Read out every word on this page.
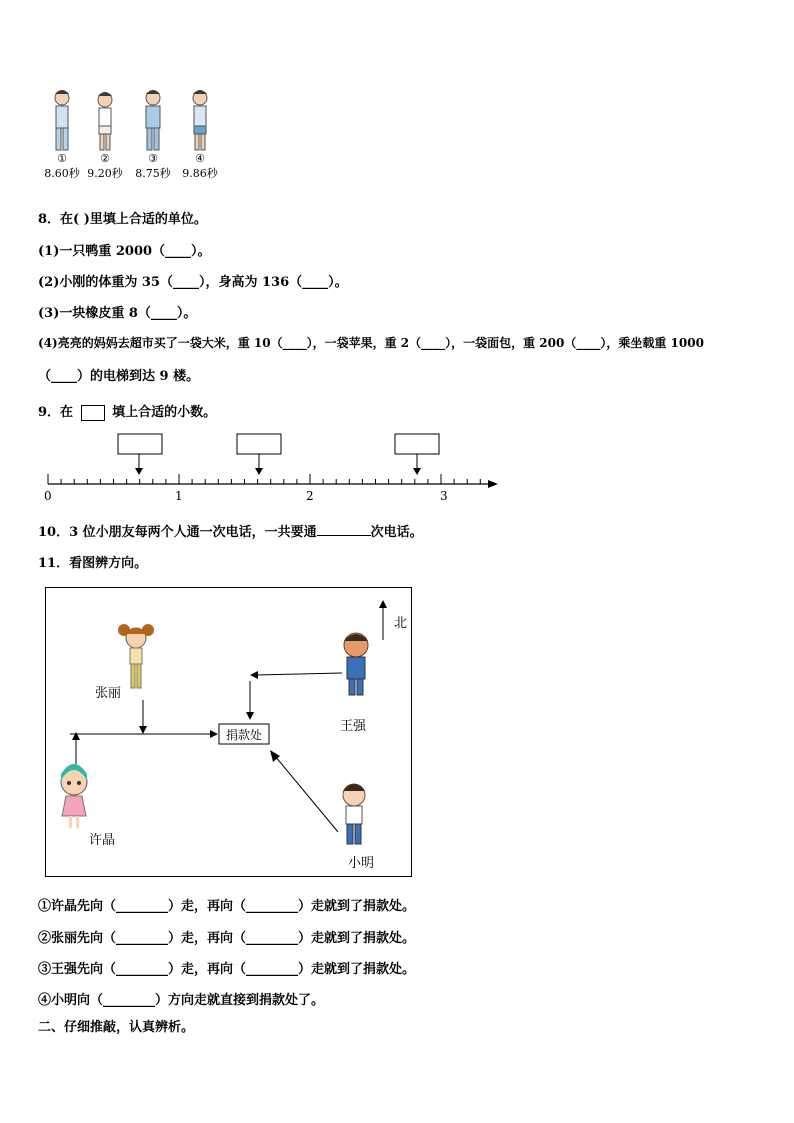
①
8.60秒
②
9.20秒
③
8.75秒
④
9.86秒
8．在( )里填上合适的单位。
(1)一只鸭重 2000（____）。
(2)小刚的体重为 35（____），身高为 136（____）。
(3)一块橡皮重 8（____）。
(4)亮亮的妈妈去超市买了一袋大米，重 10（____），一袋苹果，重 2（____），一袋面包，重 200（____），乘坐载重 1000
（____）的电梯到达 9 楼。
9．在	填上合适的小数。
0	1	2	3
10．3 位小朋友每两个人通一次电话，一共要通	次电话。
11．看图辨方向。
北
捐款处
张丽
王强
许晶
小明
①许晶先向（________）走，再向（________）走就到了捐款处。
②张丽先向（________）走，再向（________）走就到了捐款处。
③王强先向（________）走，再向（________）走就到了捐款处。
④小明向（________）方向走就直接到捐款处了。
二、仔细推敲，认真辨析。
